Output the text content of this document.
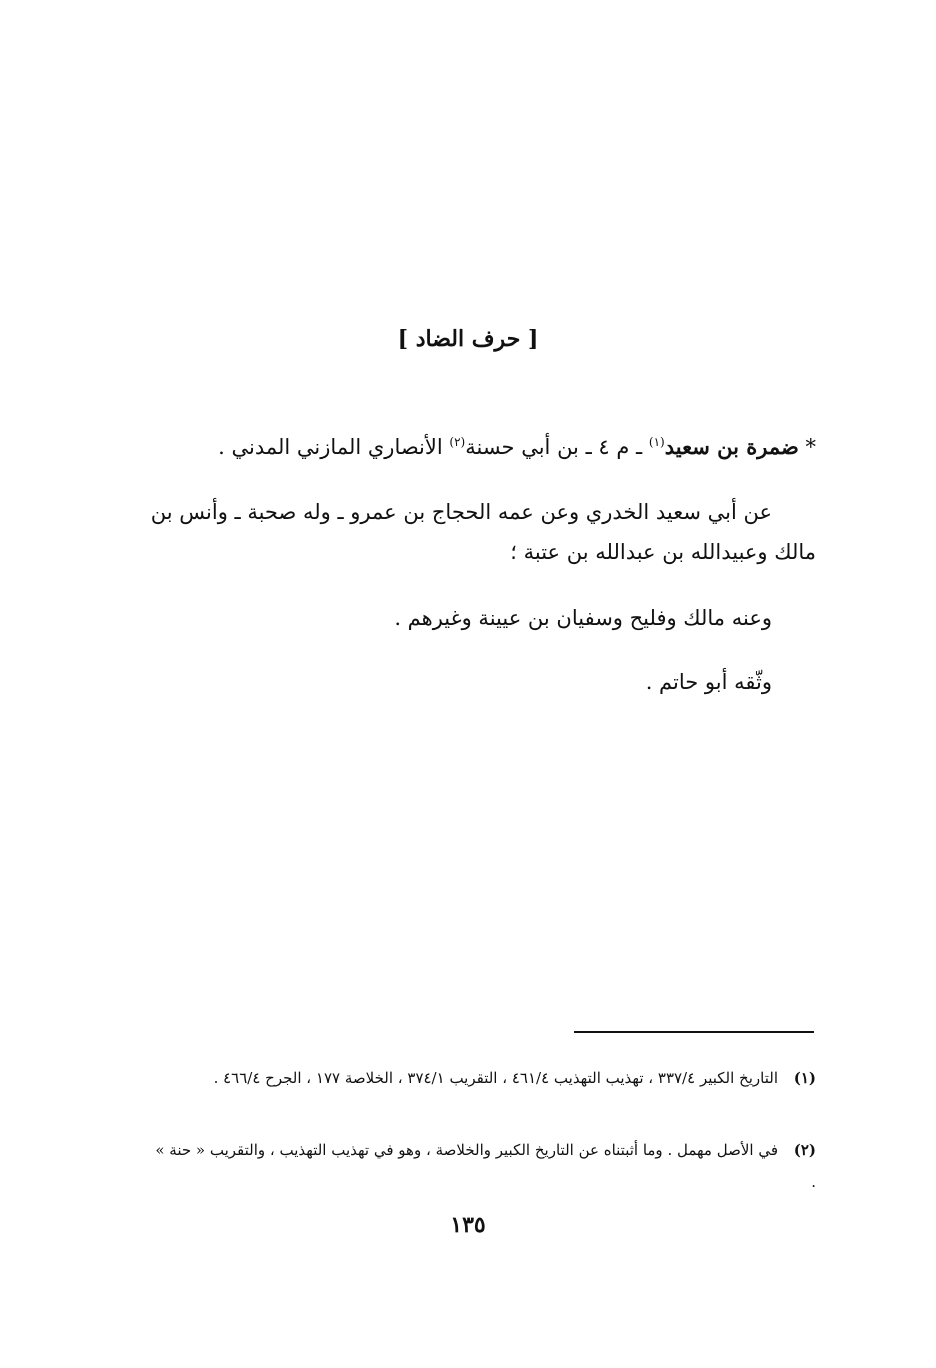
[ حرف الضاد ]
* ضمرة بن سعيد$^{(١)}$ ـ م ٤ ـ بن أبي حسنة$^{(٢)}$ الأنصاري المازني المدني .
عن أبي سعيد الخدري وعن عمه الحجاج بن عمرو ـ وله صحبة ـ وأنس بن مالك وعبيدالله بن عبدالله بن عتبة ؛
وعنه مالك وفليح وسفيان بن عيينة وغيرهم .
وثّقه أبو حاتم .
(١)التاريخ الكبير ٣٣٧/٤ ، تهذيب التهذيب ٤٦١/٤ ، التقريب ٣٧٤/١ ، الخلاصة ١٧٧ ، الجرح ٤٦٦/٤ .
(٢)في الأصل مهمل . وما أثبتناه عن التاريخ الكبير والخلاصة ، وهو في تهذيب التهذيب ، والتقريب « حنة » .
١٣٥
